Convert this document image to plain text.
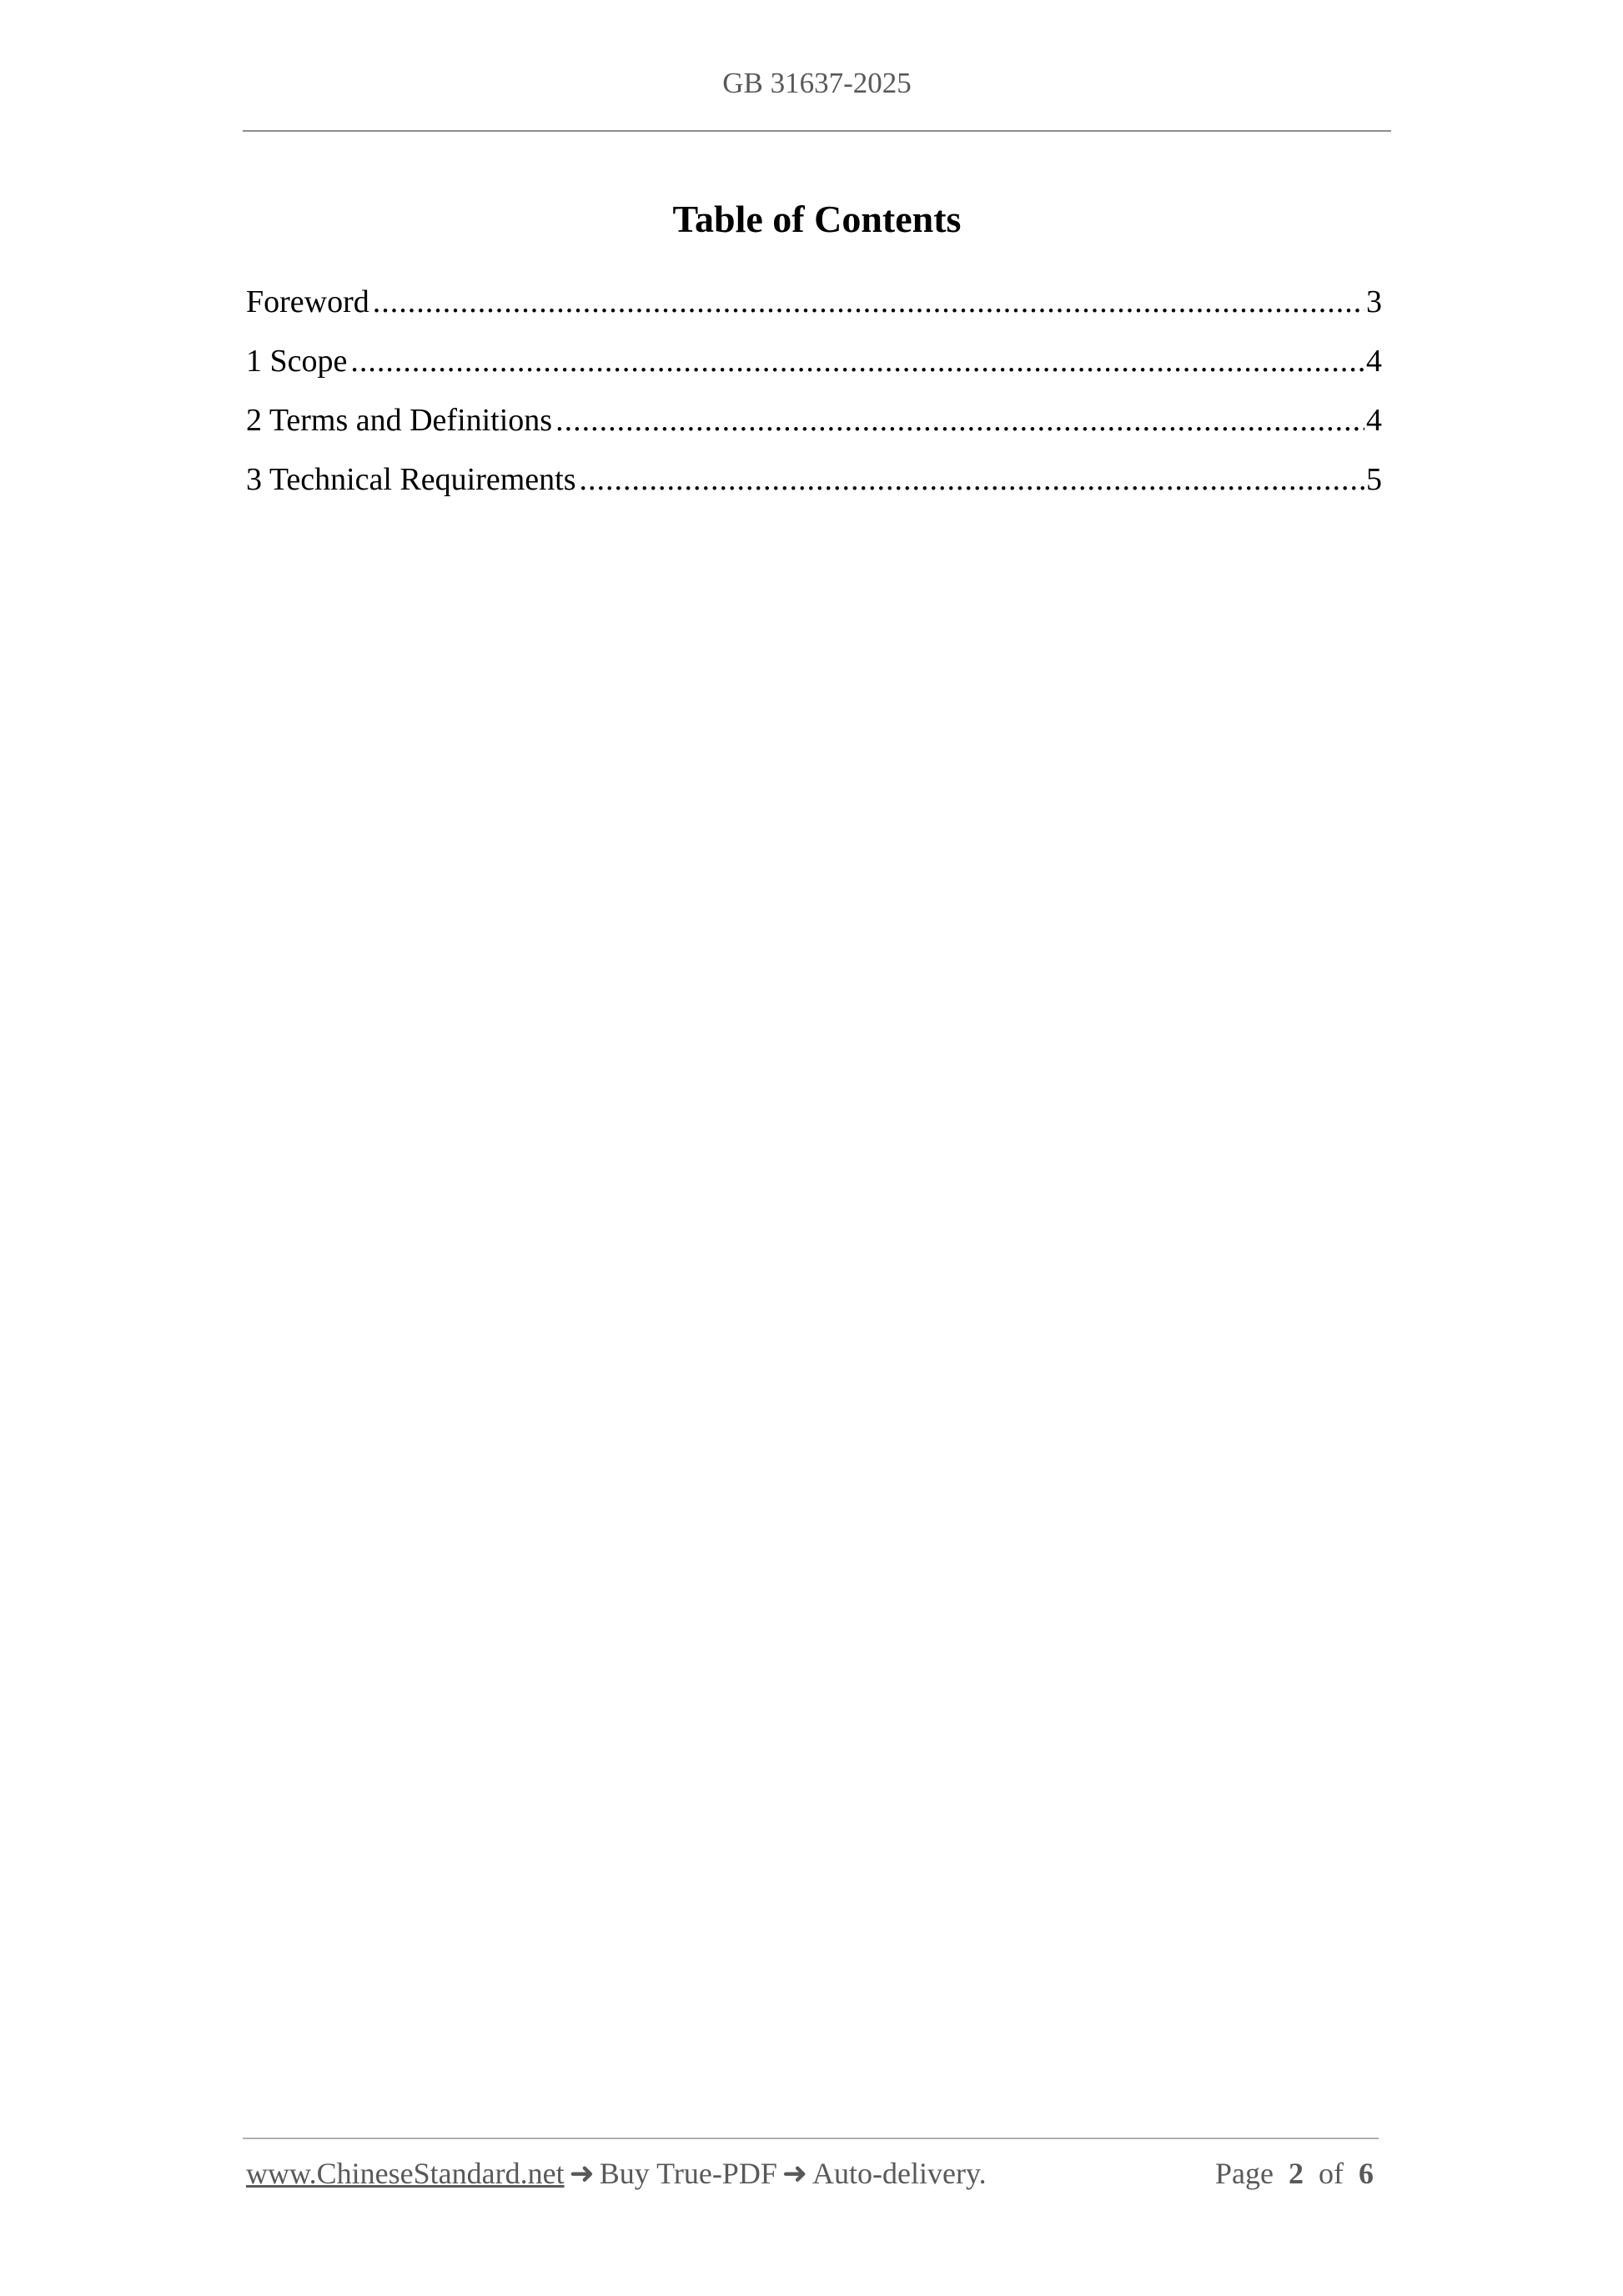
GB 31637-2025
Table of Contents
Foreword .....	3
1 Scope .....	4
2 Terms and Definitions .....	4
3 Technical Requirements .....	5
www.ChineseStandard.net ➜ Buy True-PDF ➜ Auto-delivery.	Page 2 of 6
